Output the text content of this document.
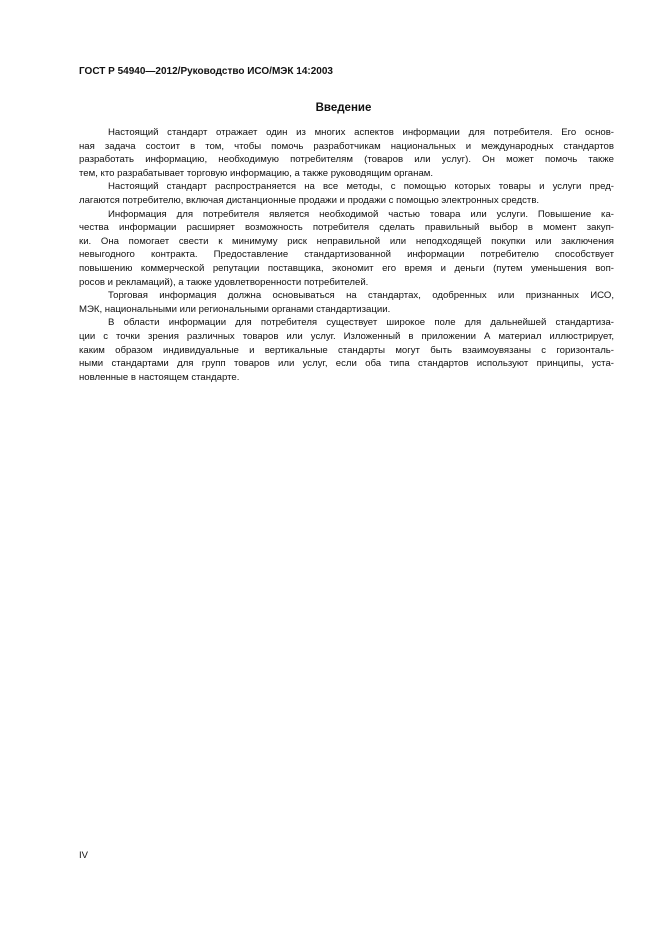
ГОСТ Р 54940—2012/Руководство ИСО/МЭК 14:2003
Введение

Настоящий стандарт отражает один из многих аспектов информации для потребителя. Его основ-
ная задача состоит в том, чтобы помочь разработчикам национальных и международных стандартов
разработать информацию, необходимую потребителям (товаров или услуг). Он может помочь также
тем, кто разрабатывает торговую информацию, а также руководящим органам.

Настоящий стандарт распространяется на все методы, с помощью которых товары и услуги пред-
лагаются потребителю, включая дистанционные продажи и продажи с помощью электронных средств.

Информация для потребителя является необходимой частью товара или услуги. Повышение ка-
чества информации расширяет возможность потребителя сделать правильный выбор в момент закуп-
ки. Она помогает свести к минимуму риск неправильной или неподходящей покупки или заключения
невыгодного контракта. Предоставление стандартизованной информации потребителю способствует
повышению коммерческой репутации поставщика, экономит его время и деньги (путем уменьшения воп-
росов и рекламаций), а также удовлетворенности потребителей.

Торговая информация должна основываться на стандартах, одобренных или признанных ИСО,
МЭК, национальными или региональными органами стандартизации.

В области информации для потребителя существует широкое поле для дальнейшей стандартиза-
ции с точки зрения различных товаров или услуг. Изложенный в приложении А материал иллюстрирует,
каким образом индивидуальные и вертикальные стандарты могут быть взаимоувязаны с горизонталь-
ными стандартами для групп товаров или услуг, если оба типа стандартов используют принципы, уста-
новленные в настоящем стандарте.

IV
